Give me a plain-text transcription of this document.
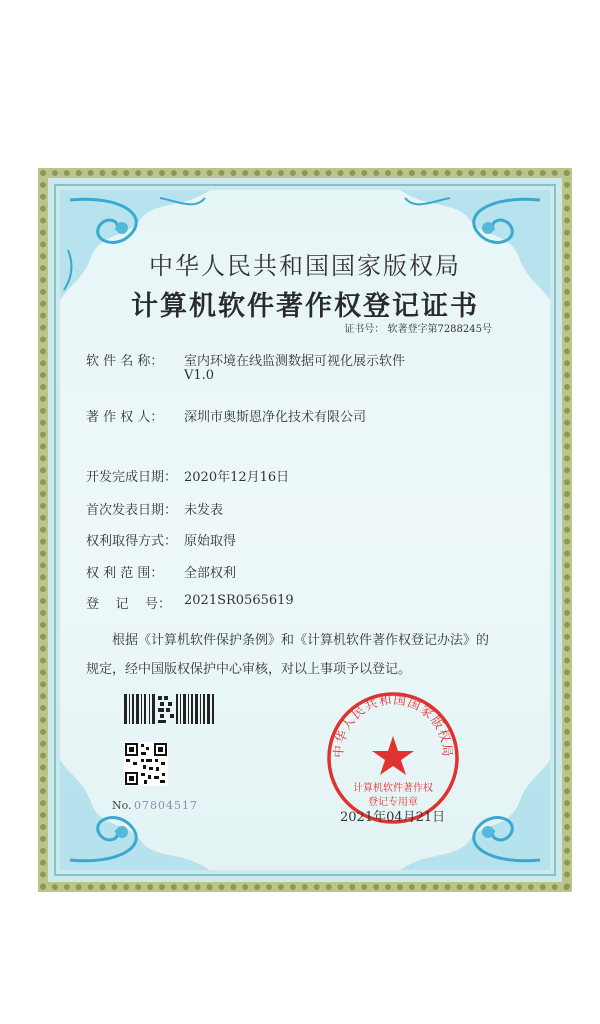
中华人民共和国国家版权局
计算机软件著作权登记证书
证书号： 软著登字第7288245号
软 件 名 称： 室内环境在线监测数据可视化展示软件
V1.0
著 作 权 人： 深圳市奥斯恩净化技术有限公司
开发完成日期： 2020年12月16日
首次发表日期： 未发表
权利取得方式： 原始取得
权 利 范 围： 全部权利
登    记    号： 2021SR0565619

根据《计算机软件保护条例》和《计算机软件著作权登记办法》的

规定，经中国版权保护中心审核，对以上事项予以登记。

No. 07804517
中华人民共和国国家版权局
计算机软件著作权
登记专用章
2021年04月21日
